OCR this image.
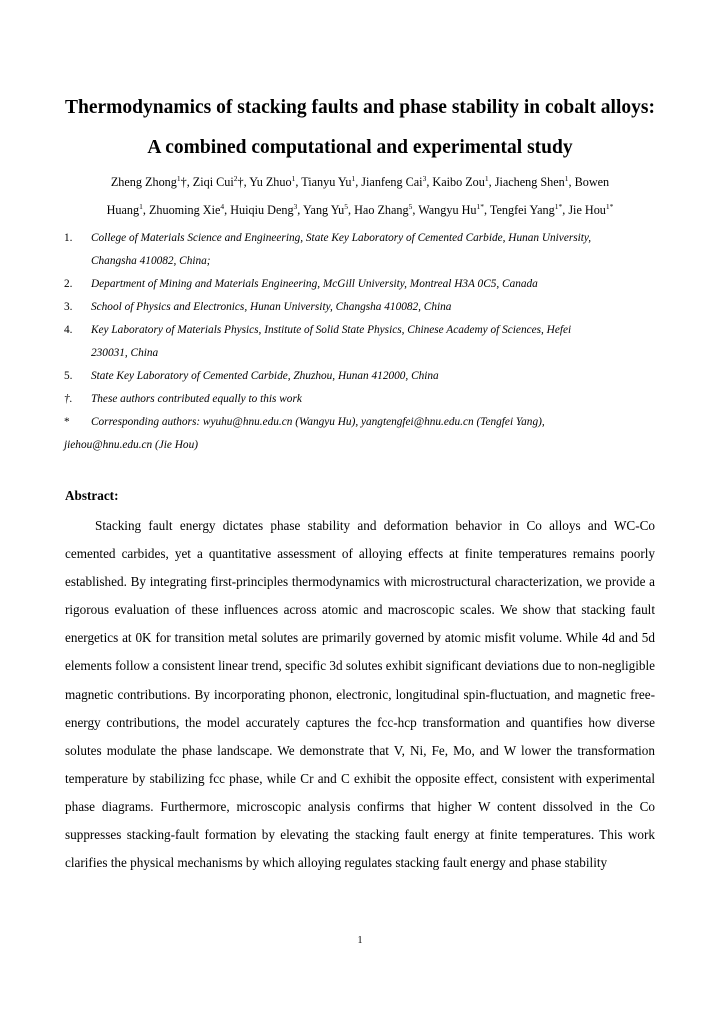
Thermodynamics of stacking faults and phase stability in cobalt alloys:
A combined computational and experimental study
Zheng Zhong$^1$†, Ziqi Cui$^2$†, Yu Zhuo$^1$, Tianyu Yu$^1$, Jianfeng Cai$^3$, Kaibo Zou$^1$, Jiacheng Shen$^1$, Bowen
Huang$^1$, Zhuoming Xie$^4$, Huiqiu Deng$^3$, Yang Yu$^5$, Hao Zhang$^5$, Wangyu $Hu^{1*}$, Tengfei Yang$^{1*}$, Jie Hou$^{1*}$
1. College of Materials Science and Engineering, State Key Laboratory of Cemented Carbide, Hunan University,
Changsha 410082, China;
2. Department of Mining and Materials Engineering, McGill University, Montreal H3A 0C5, Canada
3. School of Physics and Electronics, Hunan University, Changsha 410082, China
4. Key Laboratory of Materials Physics, Institute of Solid State Physics, Chinese Academy of Sciences, Hefei
230031, China
5. State Key Laboratory of Cemented Carbide, Zhuzhou, Hunan 412000, China
†. These authors contributed equally to this work
* Corresponding authors: wyuhu@hnu.edu.cn (Wangyu Hu), yangtengfei@hnu.edu.cn (Tengfei Yang),
jiehou@hnu.edu.cn (Jie Hou)
Abstract:

Stacking fault energy dictates phase stability and deformation behavior in Co alloys and WC-Co cemented carbides, yet a quantitative assessment of alloying effects at finite temperatures remains poorly established. By integrating first-principles thermodynamics with microstructural characterization, we provide a rigorous evaluation of these influences across atomic and macroscopic scales. We show that stacking fault energetics at 0K for transition metal solutes are primarily governed by atomic misfit volume. While 4d and 5d elements follow a consistent linear trend, specific 3d solutes exhibit significant deviations due to non-negligible magnetic contributions. By incorporating phonon, electronic, longitudinal spin-fluctuation, and magnetic free-energy contributions, the model accurately captures the fcc-hcp transformation and quantifies how diverse solutes modulate the phase landscape. We demonstrate that V, Ni, Fe, Mo, and W lower the transformation temperature by stabilizing fcc phase, while Cr and C exhibit the opposite effect, consistent with experimental phase diagrams. Furthermore, microscopic analysis confirms that higher W content dissolved in the Co suppresses stacking-fault formation by elevating the stacking fault energy at finite temperatures. This work clarifies the physical mechanisms by which alloying regulates stacking fault energy and phase stability

1
